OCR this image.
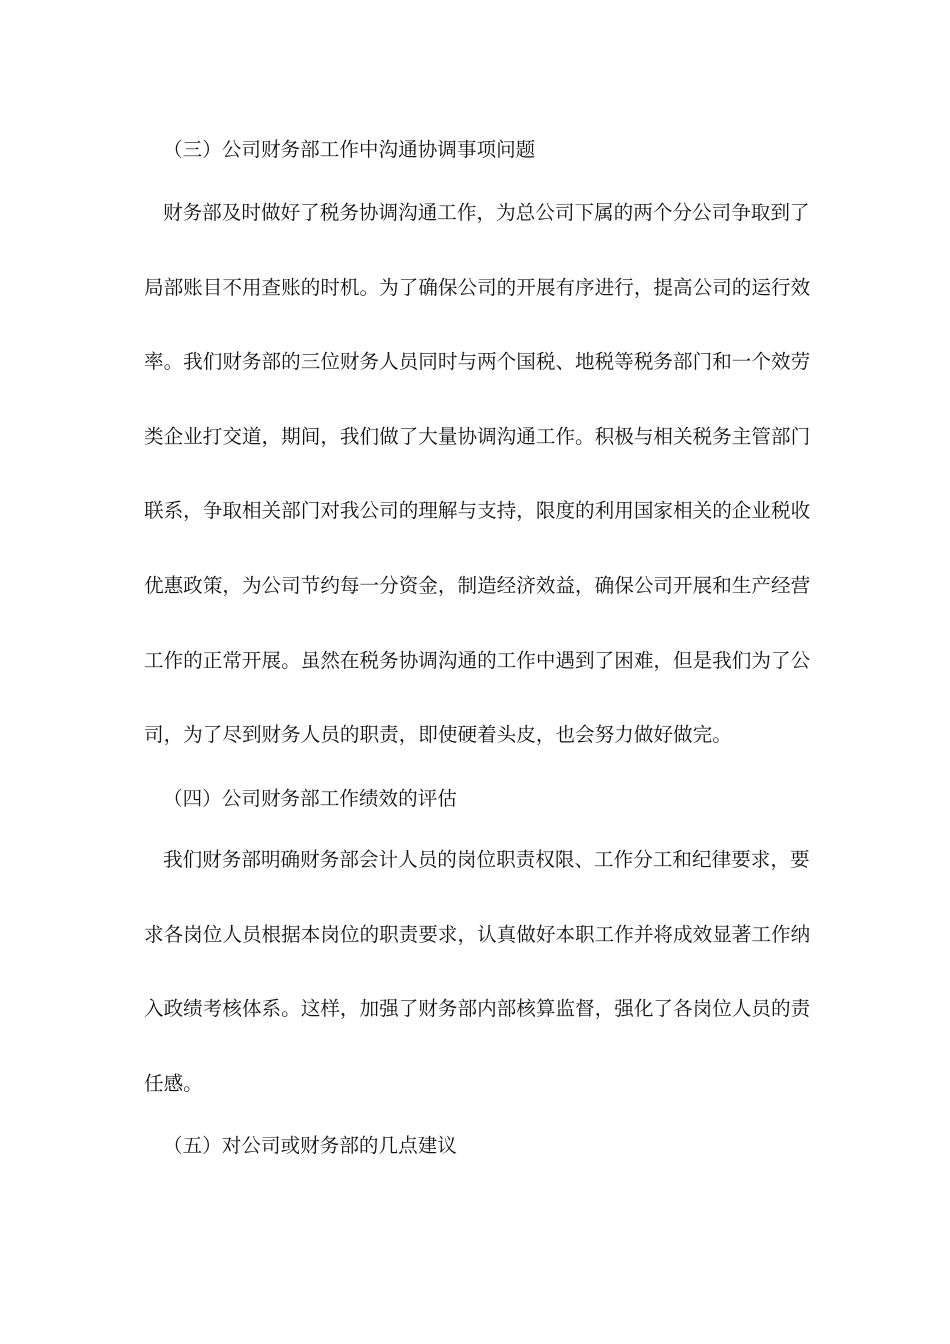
（三）公司财务部工作中沟通协调事项问题
财务部及时做好了税务协调沟通工作，为总公司下属的两个分公司争取到了
局部账目不用查账的时机。为了确保公司的开展有序进行，提高公司的运行效
率。我们财务部的三位财务人员同时与两个国税、地税等税务部门和一个效劳
类企业打交道，期间，我们做了大量协调沟通工作。积极与相关税务主管部门
联系，争取相关部门对我公司的理解与支持，限度的利用国家相关的企业税收
优惠政策，为公司节约每一分资金，制造经济效益，确保公司开展和生产经营
工作的正常开展。虽然在税务协调沟通的工作中遇到了困难，但是我们为了公
司，为了尽到财务人员的职责，即使硬着头皮，也会努力做好做完。
（四）公司财务部工作绩效的评估
我们财务部明确财务部会计人员的岗位职责权限、工作分工和纪律要求，要
求各岗位人员根据本岗位的职责要求，认真做好本职工作并将成效显著工作纳
入政绩考核体系。这样，加强了财务部内部核算监督，强化了各岗位人员的责
任感。
（五）对公司或财务部的几点建议
